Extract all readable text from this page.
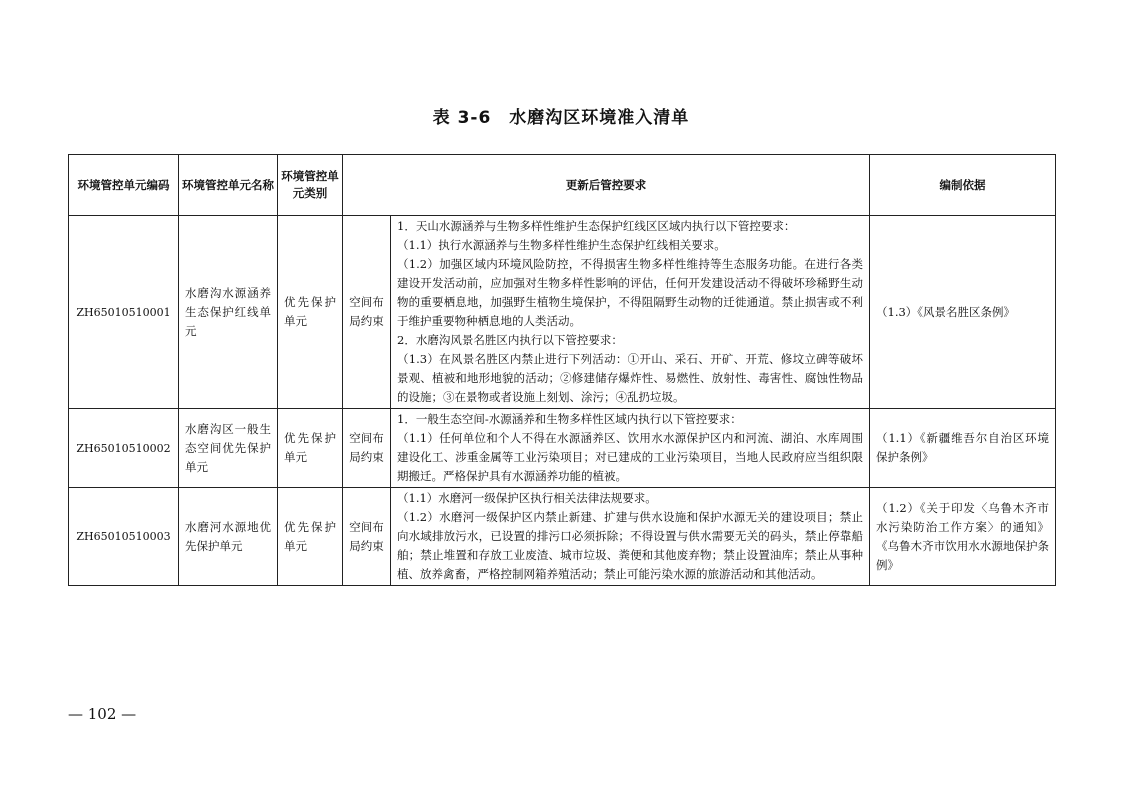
表 3-6　水磨沟区环境准入清单
环境管控单元编码	环境管控单元名称	环境管控单元类别	更新后管控要求		编制依据
ZH65010510001	水磨沟水源涵养生态保护红线单元	优先保护单元	空间布局约束	1．天山水源涵养与生物多样性维护生态保护红线区区域内执行以下管控要求：

（1.1）执行水源涵养与生物多样性维护生态保护红线相关要求。

（1.2）加强区域内环境风险防控，不得损害生物多样性维持等生态服务功能。在进行各类建设开发活动前，应加强对生物多样性影响的评估，任何开发建设活动不得破坏珍稀野生动物的重要栖息地，加强野生植物生境保护，不得阻隔野生动物的迁徙通道。禁止损害或不利于维护重要物种栖息地的人类活动。

2．水磨沟风景名胜区内执行以下管控要求：

（1.3）在风景名胜区内禁止进行下列活动：①开山、采石、开矿、开荒、修坟立碑等破坏景观、植被和地形地貌的活动；②修建储存爆炸性、易燃性、放射性、毒害性、腐蚀性物品的设施；③在景物或者设施上刻划、涂污；④乱扔垃圾。	（1.3）《风景名胜区条例》
ZH65010510002	水磨沟区一般生态空间优先保护单元	优先保护单元	空间布局约束	1．一般生态空间-水源涵养和生物多样性区域内执行以下管控要求：

（1.1）任何单位和个人不得在水源涵养区、饮用水水源保护区内和河流、湖泊、水库周围建设化工、涉重金属等工业污染项目；对已建成的工业污染项目，当地人民政府应当组织限期搬迁。严格保护具有水源涵养功能的植被。	（1.1）《新疆维吾尔自治区环境保护条例》
ZH65010510003	水磨河水源地优先保护单元	优先保护单元	空间布局约束	（1.1）水磨河一级保护区执行相关法律法规要求。

（1.2）水磨河一级保护区内禁止新建、扩建与供水设施和保护水源无关的建设项目；禁止向水域排放污水，已设置的排污口必须拆除；不得设置与供水需要无关的码头，禁止停靠船舶；禁止堆置和存放工业废渣、城市垃圾、粪便和其他废弃物；禁止设置油库；禁止从事种植、放养禽畜，严格控制网箱养殖活动；禁止可能污染水源的旅游活动和其他活动。	（1.2）《关于印发〈乌鲁木齐市水污染防治工作方案〉的通知》《乌鲁木齐市饮用水水源地保护条例》
— 102 —
